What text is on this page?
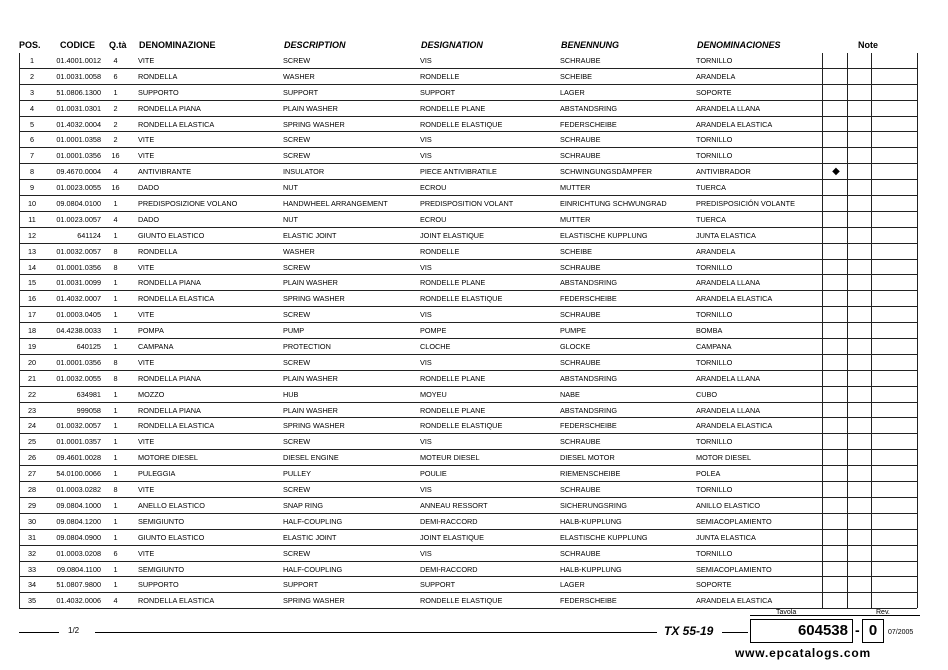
POS. CODICE Q.tà DENOMINAZIONE	DESCRIPTION	DESIGNATION	BENENNUNG	DENOMINACIONES	Note
1	01.4001.0012	4	VITE	SCREW	VIS	SCHRAUBE	TORNILLO
2	01.0031.0058	6	RONDELLA	WASHER	RONDELLE	SCHEIBE	ARANDELA
3	51.0806.1300	1	SUPPORTO	SUPPORT	SUPPORT	LAGER	SOPORTE
4	01.0031.0301	2	RONDELLA PIANA	PLAIN WASHER	RONDELLE PLANE	ABSTANDSRING	ARANDELA LLANA
5	01.4032.0004	2	RONDELLA ELASTICA	SPRING WASHER	RONDELLE ELASTIQUE	FEDERSCHEIBE	ARANDELA ELASTICA
6	01.0001.0358	2	VITE	SCREW	VIS	SCHRAUBE	TORNILLO
7	01.0001.0356	16	VITE	SCREW	VIS	SCHRAUBE	TORNILLO
8	09.4670.0004	4	ANTIVIBRANTE	INSULATOR	PIECE ANTIVIBRATILE	SCHWINGUNGSDÄMPFER	ANTIVIBRADOR	◆
9	01.0023.0055	16	DADO	NUT	ECROU	MUTTER	TUERCA
10	09.0804.0100	1	PREDISPOSIZIONE VOLANO	HANDWHEEL ARRANGEMENT	PREDISPOSITION VOLANT	EINRICHTUNG SCHWUNGRAD	PREDISPOSICIÓN VOLANTE
11	01.0023.0057	4	DADO	NUT	ECROU	MUTTER	TUERCA
12	641124	1	GIUNTO ELASTICO	ELASTIC JOINT	JOINT ELASTIQUE	ELASTISCHE KUPPLUNG	JUNTA ELASTICA
13	01.0032.0057	8	RONDELLA	WASHER	RONDELLE	SCHEIBE	ARANDELA
14	01.0001.0356	8	VITE	SCREW	VIS	SCHRAUBE	TORNILLO
15	01.0031.0099	1	RONDELLA PIANA	PLAIN WASHER	RONDELLE PLANE	ABSTANDSRING	ARANDELA LLANA
16	01.4032.0007	1	RONDELLA ELASTICA	SPRING WASHER	RONDELLE ELASTIQUE	FEDERSCHEIBE	ARANDELA ELASTICA
17	01.0003.0405	1	VITE	SCREW	VIS	SCHRAUBE	TORNILLO
18	04.4238.0033	1	POMPA	PUMP	POMPE	PUMPE	BOMBA
19	640125	1	CAMPANA	PROTECTION	CLOCHE	GLOCKE	CAMPANA
20	01.0001.0356	8	VITE	SCREW	VIS	SCHRAUBE	TORNILLO
21	01.0032.0055	8	RONDELLA PIANA	PLAIN WASHER	RONDELLE PLANE	ABSTANDSRING	ARANDELA LLANA
22	634981	1	MOZZO	HUB	MOYEU	NABE	CUBO
23	999058	1	RONDELLA PIANA	PLAIN WASHER	RONDELLE PLANE	ABSTANDSRING	ARANDELA LLANA
24	01.0032.0057	1	RONDELLA ELASTICA	SPRING WASHER	RONDELLE ELASTIQUE	FEDERSCHEIBE	ARANDELA ELASTICA
25	01.0001.0357	1	VITE	SCREW	VIS	SCHRAUBE	TORNILLO
26	09.4601.0028	1	MOTORE DIESEL	DIESEL ENGINE	MOTEUR DIESEL	DIESEL MOTOR	MOTOR DIESEL
27	54.0100.0066	1	PULEGGIA	PULLEY	POULIE	RIEMENSCHEIBE	POLEA
28	01.0003.0282	8	VITE	SCREW	VIS	SCHRAUBE	TORNILLO
29	09.0804.1000	1	ANELLO ELASTICO	SNAP RING	ANNEAU RESSORT	SICHERUNGSRING	ANILLO ELASTICO
30	09.0804.1200	1	SEMIGIUNTO	HALF-COUPLING	DEMI-RACCORD	HALB-KUPPLUNG	SEMIACOPLAMIENTO
31	09.0804.0900	1	GIUNTO ELASTICO	ELASTIC JOINT	JOINT ELASTIQUE	ELASTISCHE KUPPLUNG	JUNTA ELASTICA
32	01.0003.0208	6	VITE	SCREW	VIS	SCHRAUBE	TORNILLO
33	09.0804.1100	1	SEMIGIUNTO	HALF-COUPLING	DEMI-RACCORD	HALB-KUPPLUNG	SEMIACOPLAMIENTO
34	51.0807.9800	1	SUPPORTO	SUPPORT	SUPPORT	LAGER	SOPORTE
35	01.4032.0006	4	RONDELLA ELASTICA	SPRING WASHER	RONDELLE ELASTIQUE	FEDERSCHEIBE	ARANDELA ELASTICA
1/2	TX 55-19
Tavola
604538 -
Rev.
0	07/2005
www.epcatalogs.com
